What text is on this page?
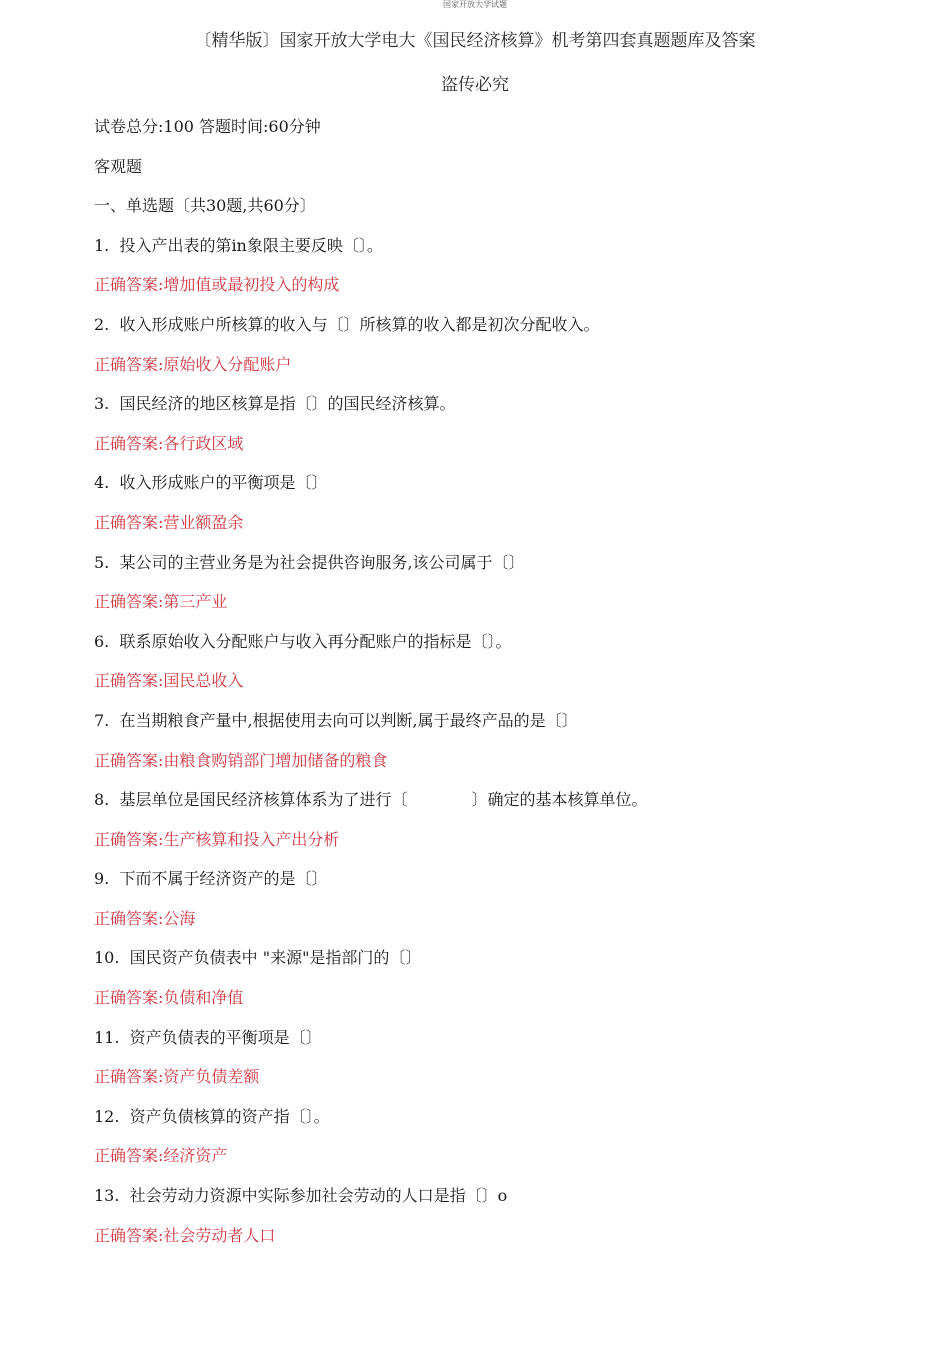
国家开放大学试题
〔精华版〕国家开放大学电大《国民经济核算》机考第四套真题题库及答案
盗传必究
试卷总分:100 答题时间:60分钟
客观题
一、单选题〔共30题,共60分〕
1. 投入产出表的第in象限主要反映〔〕。
正确答案:增加值或最初投入的构成
2. 收入形成账户所核算的收入与〔〕所核算的收入都是初次分配收入。
正确答案:原始收入分配账户
3. 国民经济的地区核算是指〔〕的国民经济核算。
正确答案:各行政区域
4. 收入形成账户的平衡项是〔〕
正确答案:营业额盈余
5. 某公司的主营业务是为社会提供咨询服务,该公司属于〔〕
正确答案:第三产业
6. 联系原始收入分配账户与收入再分配账户的指标是〔〕。
正确答案:国民总收入
7. 在当期粮食产量中,根据使用去向可以判断,属于最终产品的是〔〕
正确答案:由粮食购销部门增加储备的粮食
8. 基层单位是国民经济核算体系为了进行〔　　　　〕确定的基本核算单位。
正确答案:生产核算和投入产出分析
9. 下而不属于经济资产的是〔〕
正确答案:公海
10. 国民资产负债表中 "来源"是指部门的〔〕
正确答案:负债和净值
11. 资产负债表的平衡项是〔〕
正确答案:资产负债差额
12. 资产负债核算的资产指〔〕。
正确答案:经济资产
13. 社会劳动力资源中实际参加社会劳动的人口是指〔〕o
正确答案:社会劳动者人口
